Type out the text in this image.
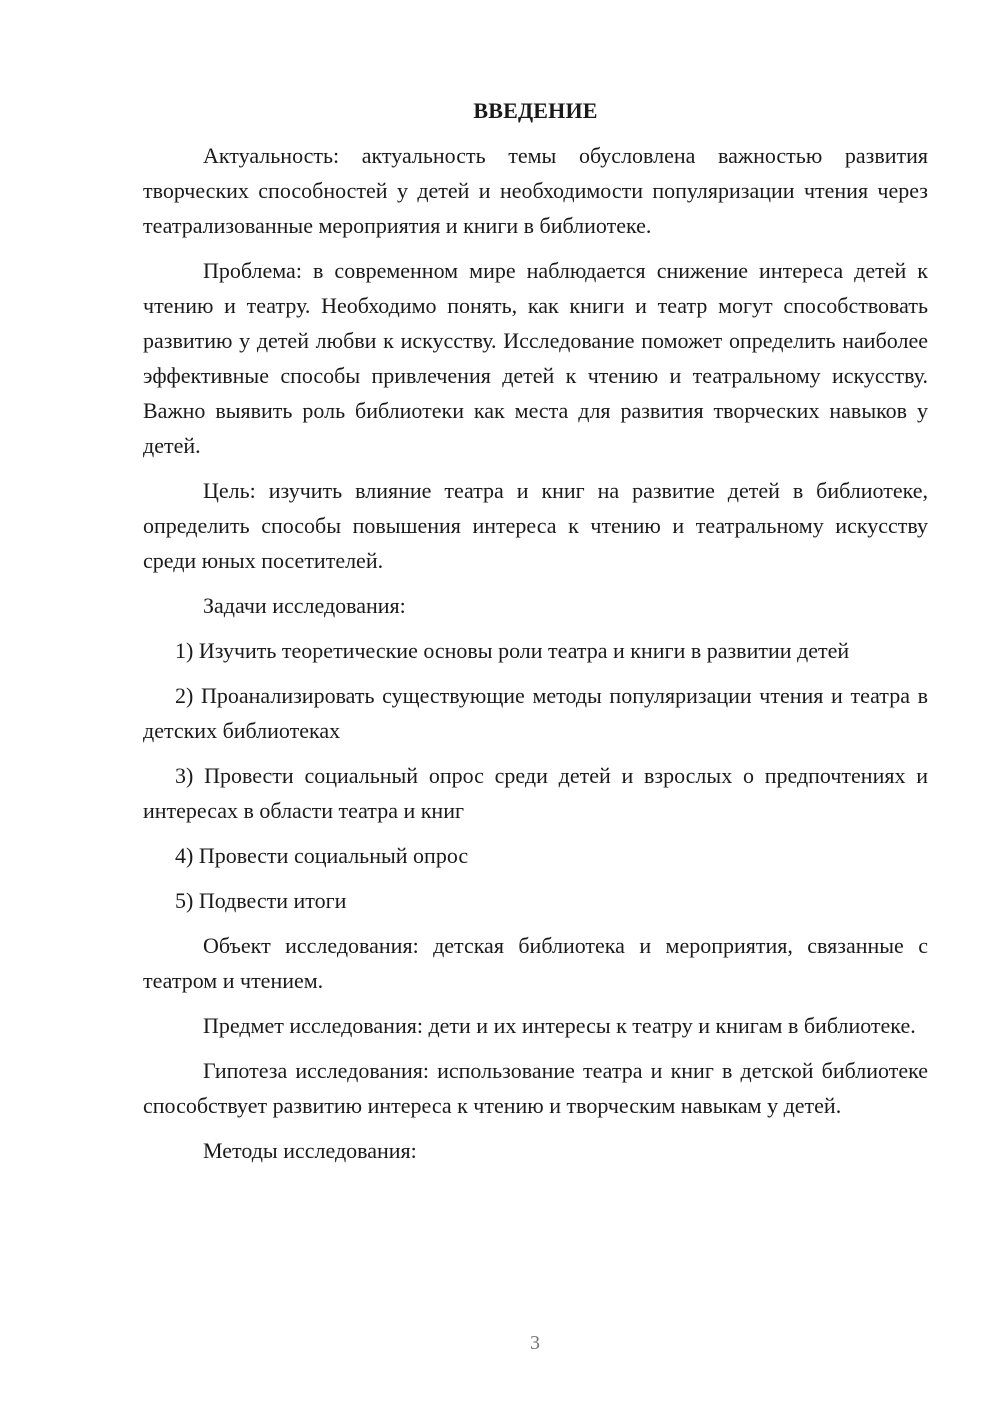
ВВЕДЕНИЕ

Актуальность: актуальность темы обусловлена важностью развития творческих способностей у детей и необходимости популяризации чтения через театрализованные мероприятия и книги в библиотеке.

Проблема: в современном мире наблюдается снижение интереса детей к чтению и театру. Необходимо понять, как книги и театр могут способствовать развитию у детей любви к искусству. Исследование поможет определить наиболее эффективные способы привлечения детей к чтению и театральному искусству. Важно выявить роль библиотеки как места для развития творческих навыков у детей.

Цель: изучить влияние театра и книг на развитие детей в библиотеке, определить способы повышения интереса к чтению и театральному искусству среди юных посетителей.

Задачи исследования:

1) Изучить теоретические основы роли театра и книги в развитии детей

2) Проанализировать существующие методы популяризации чтения и театра в детских библиотеках

3) Провести социальный опрос среди детей и взрослых о предпочтениях и интересах в области театра и книг

4) Провести социальный опрос

5) Подвести итоги

Объект исследования: детская библиотека и мероприятия, связанные с театром и чтением.

Предмет исследования: дети и их интересы к театру и книгам в библиотеке.

Гипотеза исследования: использование театра и книг в детской библиотеке способствует развитию интереса к чтению и творческим навыкам у детей.

Методы исследования:

3
